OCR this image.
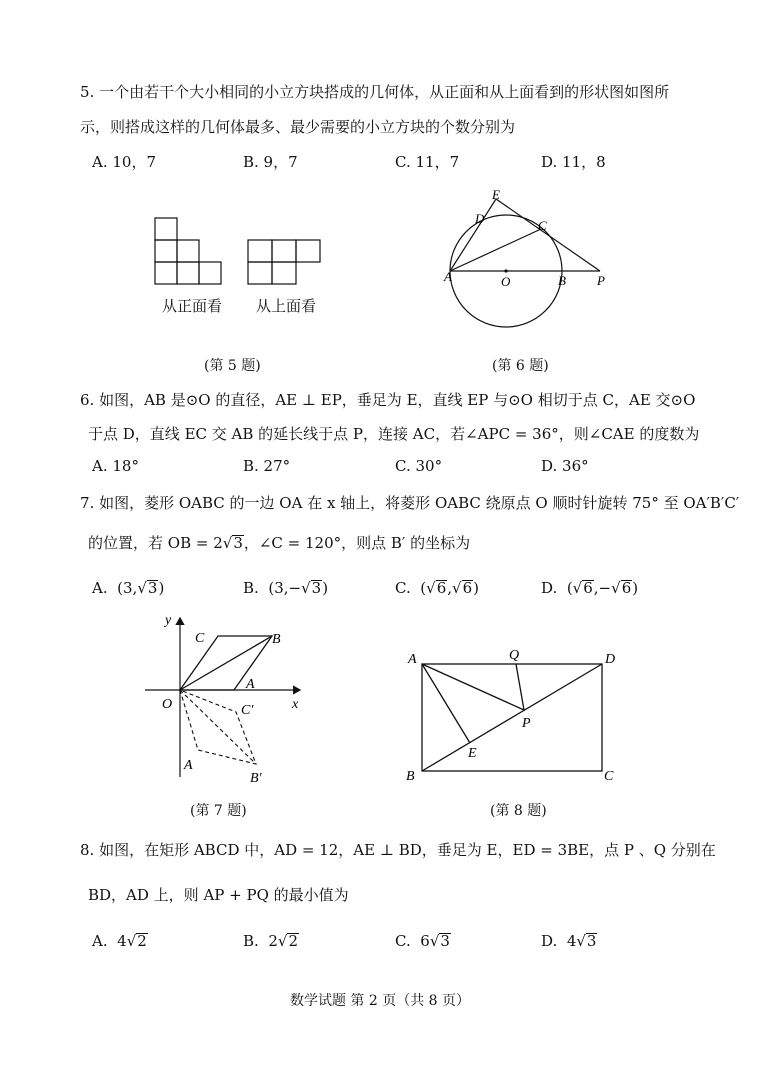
5. 一个由若干个大小相同的小立方块搭成的几何体，从正面和从上面看到的形状图如图所
示，则搭成这样的几何体最多、最少需要的小立方块的个数分别为
A. 10，7	B. 9，7	C. 11，7	D. 11，8
从正面看 从上面看
(第 5 题)
E
D	C
A	O	B P
(第 6 题)
6. 如图，AB 是⊙O 的直径，AE ⊥ EP，垂足为 E，直线 EP 与⊙O 相切于点 C，AE 交⊙O
于点 D，直线 EC 交 AB 的延长线于点 P，连接 AC，若∠APC = 36°，则∠CAE 的度数为
A. 18°	B. 27°	C. 30°	D. 36°
7. 如图，菱形 OABC 的一边 OA 在 x 轴上，将菱形 OABC 绕原点 O 顺时针旋转 75° 至 OA′B′C′
的位置，若 OB = 2√3，∠C = 120°，则点 B′ 的坐标为
A. (3,√3)	B. (3,−√3)	C. (√6,√6)	D. (√6,−√6)
y
x
O
C	B
A
C′
A
B′
(第 7 题)
A	Q	D
P
E
B	C
(第 8 题)
8. 如图，在矩形 ABCD 中，AD = 12，AE ⊥ BD，垂足为 E，ED = 3BE，点 P 、Q 分别在
BD，AD 上，则 AP + PQ 的最小值为
A. 4√2	B. 2√2	C. 6√3	D. 4√3
数学试题 第 2 页（共 8 页）
